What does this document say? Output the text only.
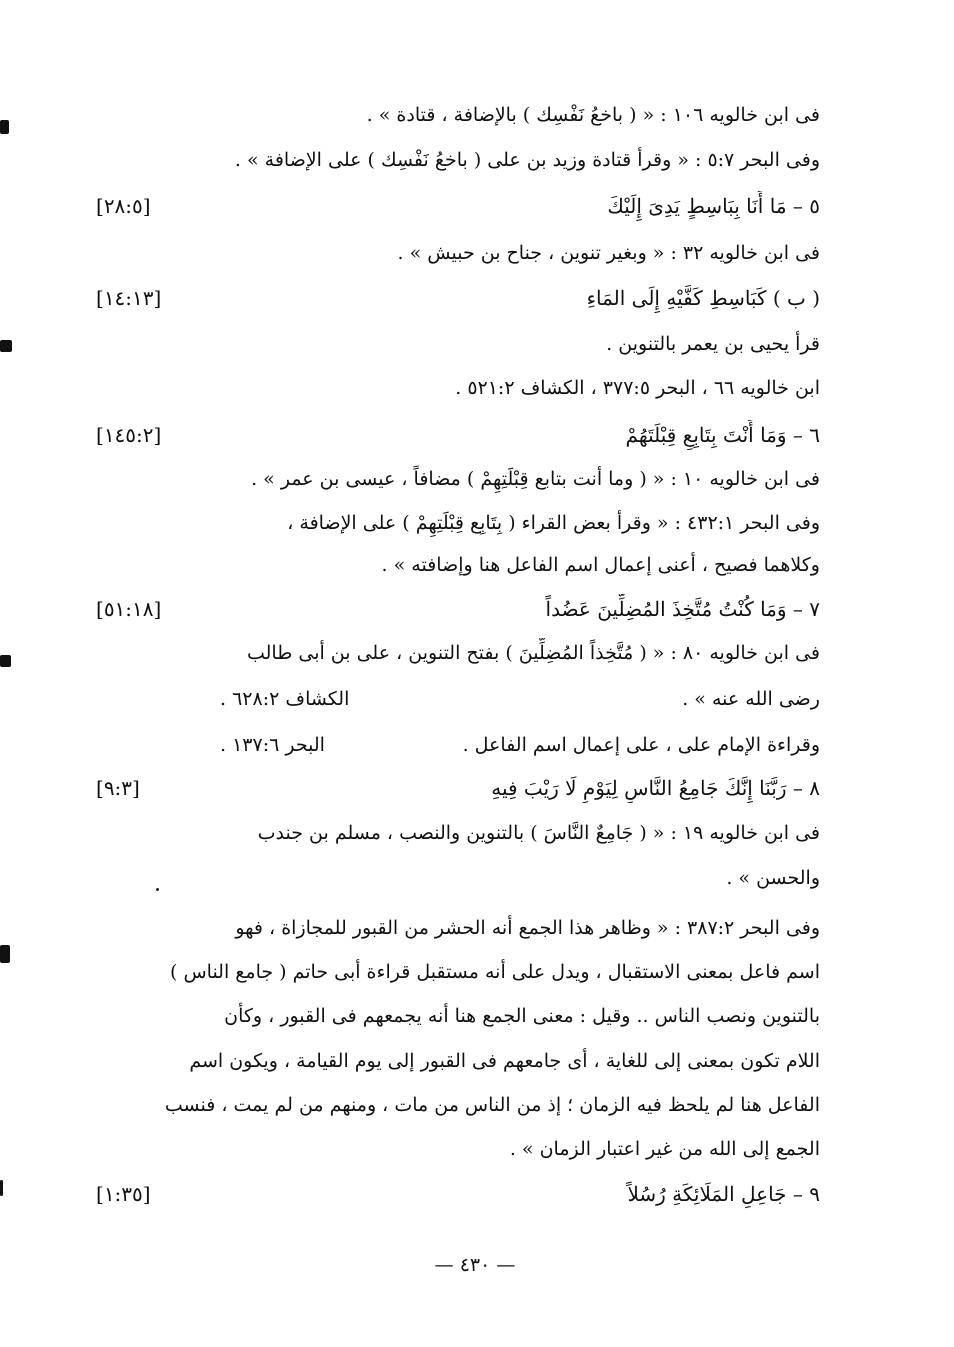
فى ابن خالويه ١٠٦ : « ( باخعُ نَفْسِك ) بالإضافة ، قتادة » .
وفى البحر ٥:٧ : « وقرأ قتادة وزيد بن على ( باخعُ نَفْسِك ) على الإضافة » .
٥ – مَا أَنَا بِبَاسِطٍ يَدِىَ إِلَيْكَ
[٢٨:٥]
فى ابن خالويه ٣٢ : « وبغير تنوين ، جناح بن حبيش » .
( ب ) كَبَاسِطِ كَفَّيْهِ إِلَى المَاءِ
[١٤:١٣]
قرأ يحيى بن يعمر بالتنوين .
ابن خالويه ٦٦ ، البحر ٣٧٧:٥ ، الكشاف ٥٢١:٢ .
٦ – وَمَا أَنْتَ بِتَابِعٍ قِبْلَتَهُمْ
[١٤٥:٢]
فى ابن خالويه ١٠ : « ( وما أنت بتابع قِبْلَتِهِمْ ) مضافاً ، عيسى بن عمر » .
وفى البحر ٤٣٢:١ : « وقرأ بعض القراء ( بِتَابِع قِبْلَتِهِمْ ) على الإضافة ،
وكلاهما فصيح ، أعنى إعمال اسم الفاعل هنا وإضافته » .
٧ – وَمَا كُنْتُ مُتَّخِذَ المُضِلِّينَ عَضُداً
[٥١:١٨]
فى ابن خالويه ٨٠ : « ( مُتَّخِذاً المُضِلِّينَ ) بفتح التنوين ، على بن أبى طالب
رضى الله عنه » .
الكشاف ٦٢٨:٢ .
وقراءة الإمام على ، على إعمال اسم الفاعل .
البحر ١٣٧:٦ .
٨ – رَبَّنَا إِنَّكَ جَامِعُ النَّاسِ لِيَوْمٍ لَا رَيْبَ فِيهِ
[٩:٣]
فى ابن خالويه ١٩ : « ( جَامِعٌ النَّاسَ ) بالتنوين والنصب ، مسلم بن جندب
والحسن » .
وفى البحر ٣٨٧:٢ : « وظاهر هذا الجمع أنه الحشر من القبور للمجازاة ، فهو
اسم فاعل بمعنى الاستقبال ، ويدل على أنه مستقبل قراءة أبى حاتم ( جامع الناس )
بالتنوين ونصب الناس .. وقيل : معنى الجمع هنا أنه يجمعهم فى القبور ، وكأن
اللام تكون بمعنى إلى للغاية ، أى جامعهم فى القبور إلى يوم القيامة ، ويكون اسم
الفاعل هنا لم يلحظ فيه الزمان ؛ إذ من الناس من مات ، ومنهم من لم يمت ، فنسب
الجمع إلى الله من غير اعتبار الزمان » .
٩ – جَاعِلِ المَلَائِكَةِ رُسُلاً
[١:٣٥]
— ٤٣٠ —
